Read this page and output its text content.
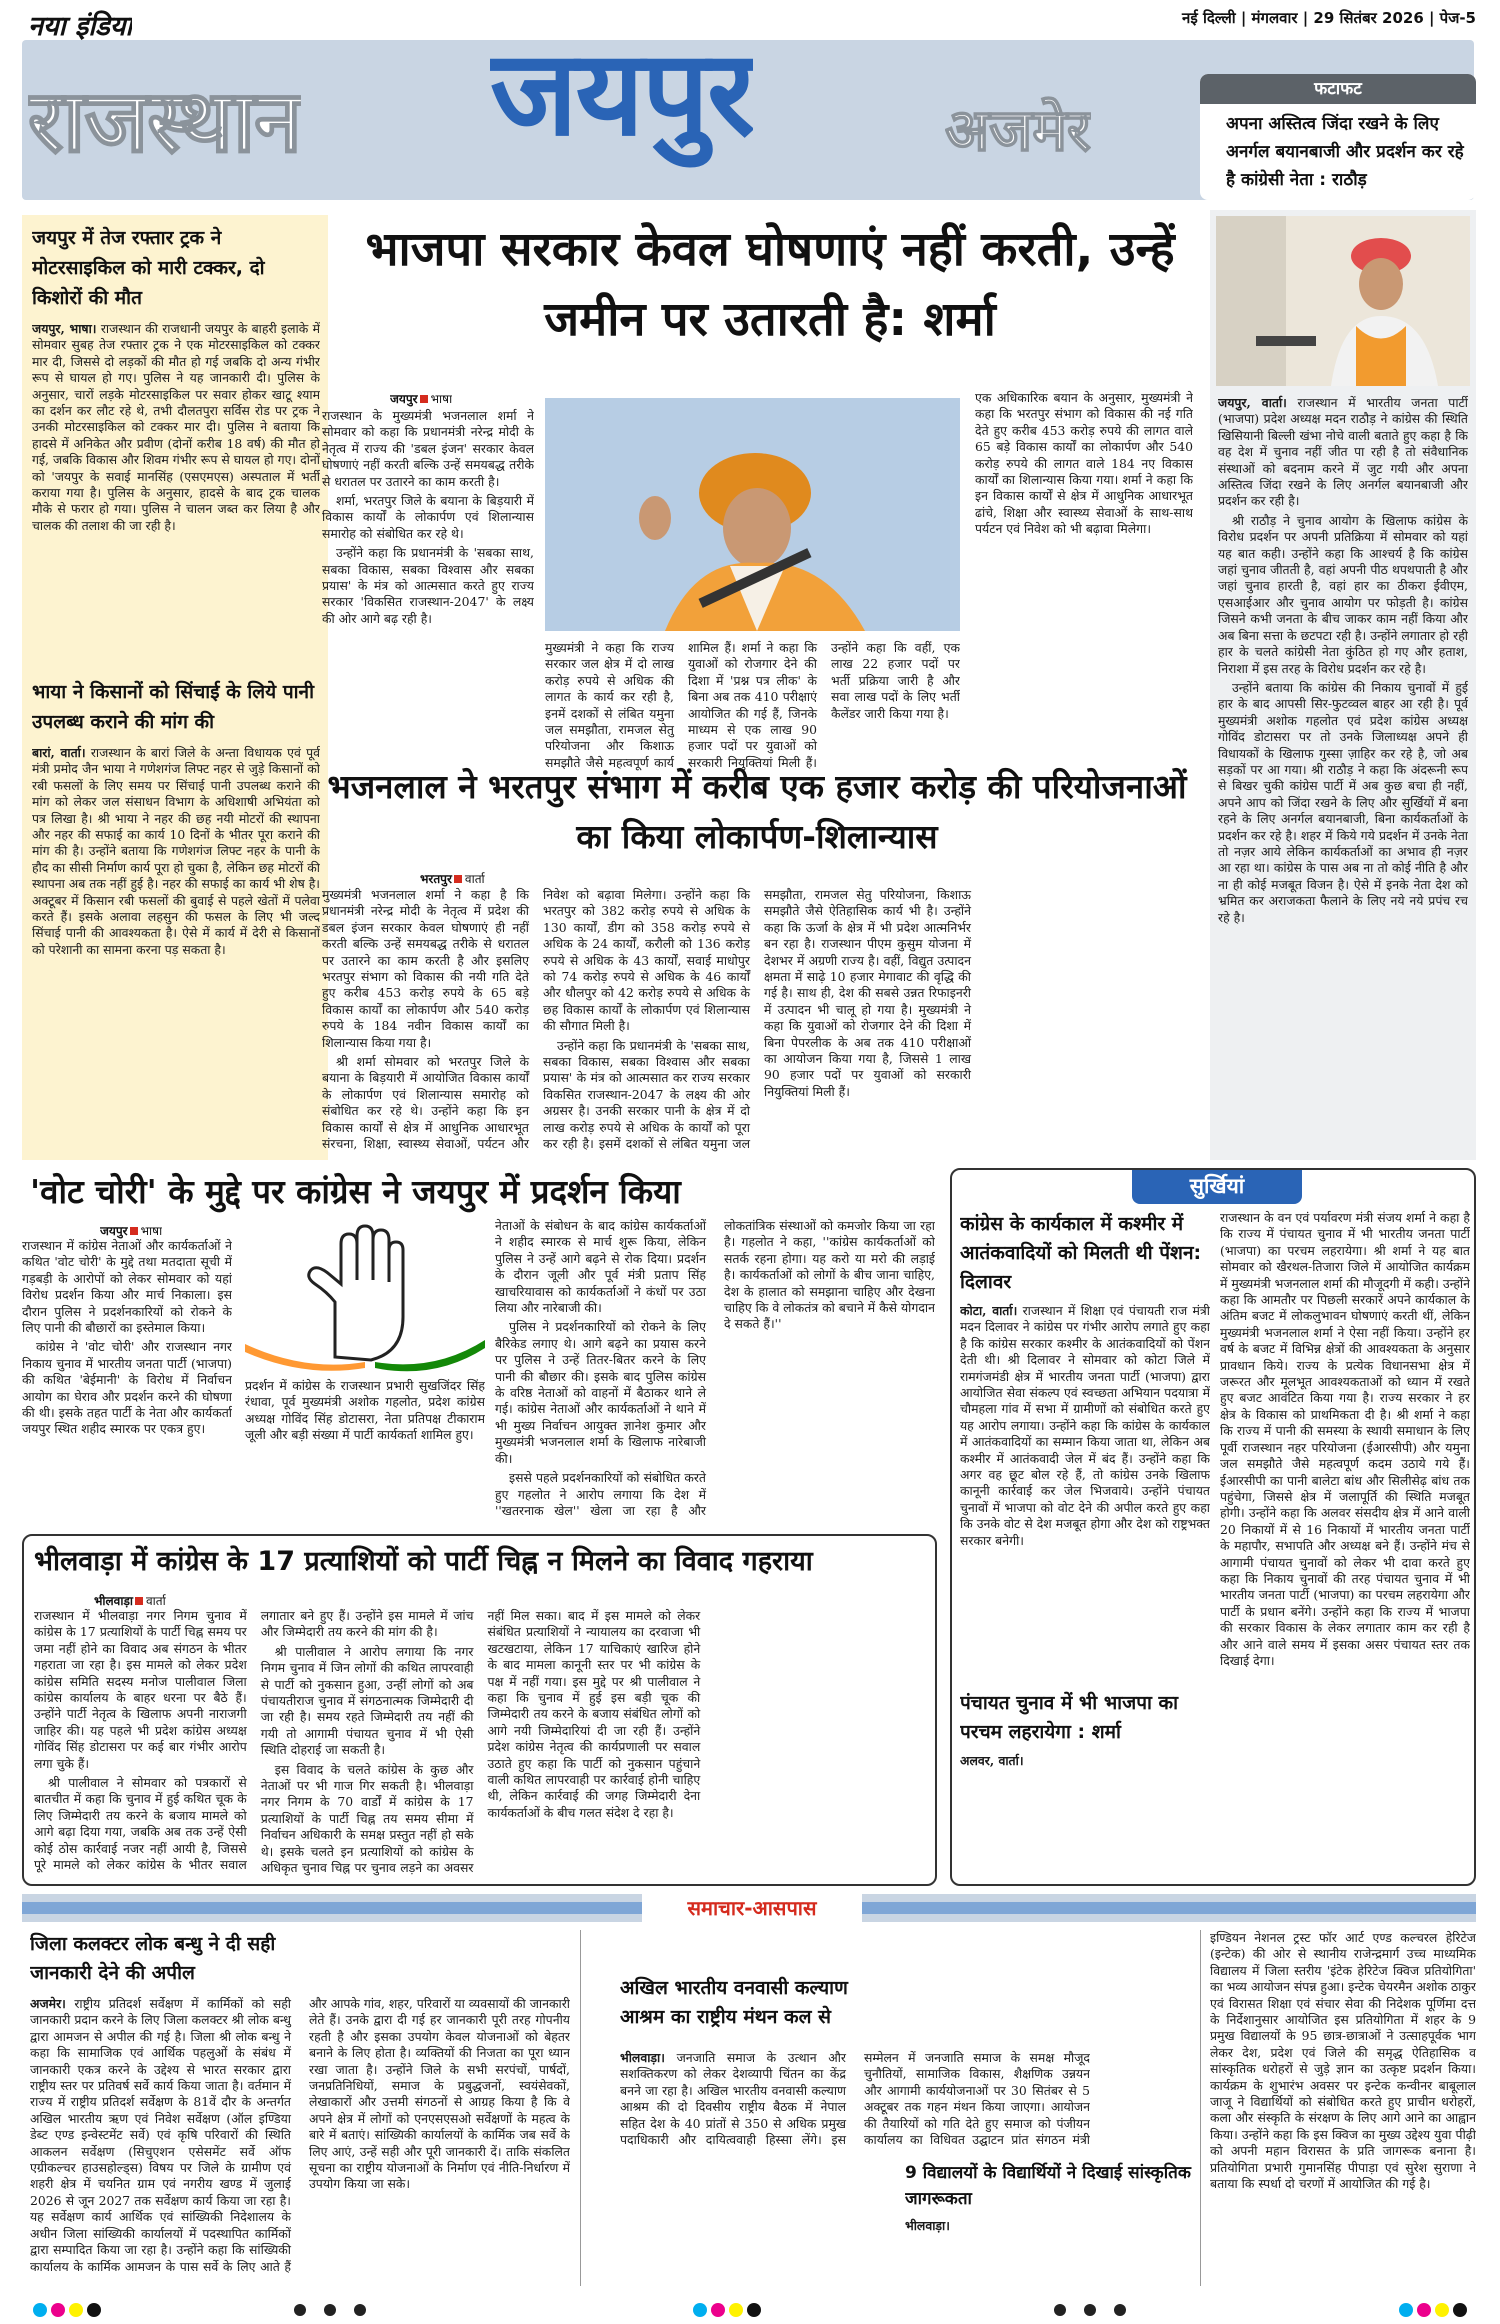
नया इंडिया
राजस्थान जयपुर	अजमेर
नई दिल्ली | मंगलवार | 29 सितंबर 2026 | पेज-5
फटाफट
अपना अस्तित्व जिंदा रखने के लिए अनर्गल बयानबाजी और प्रदर्शन कर रहे है कांग्रेसी नेता : राठौड़
जयपुर में तेज रफ्तार ट्रक ने मोटरसाइकिल को मारी टक्कर, दो किशोरों की मौत
जयपुर, भाषा। राजस्थान की राजधानी जयपुर के बाहरी इलाके में सोमवार सुबह तेज रफ्तार ट्रक ने एक मोटरसाइकिल को टक्कर मार दी, जिससे दो लड़कों की मौत हो गई जबकि दो अन्य गंभीर रूप से घायल हो गए। पुलिस ने यह जानकारी दी। पुलिस के अनुसार, चारों लड़के मोटरसाइकिल पर सवार होकर खाटू श्याम का दर्शन कर लौट रहे थे, तभी दौलतपुरा सर्विस रोड पर ट्रक ने उनकी मोटरसाइकिल को टक्कर मार दी। पुलिस ने बताया कि हादसे में अनिकेत और प्रवीण (दोनों करीब 18 वर्ष) की मौत हो गई, जबकि विकास और शिवम गंभीर रूप से घायल हो गए। दोनों को 'जयपुर के सवाई मानसिंह (एसएमएस) अस्पताल में भर्ती कराया गया है। पुलिस के अनुसार, हादसे के बाद ट्रक चालक मौके से फरार हो गया। पुलिस ने चालन जब्त कर लिया है और चालक की तलाश की जा रही है।
भाया ने किसानों को सिंचाई के लिये पानी उपलब्ध कराने की मांग की
बारां, वार्ता। राजस्थान के बारां जिले के अन्ता विधायक एवं पूर्व मंत्री प्रमोद जैन भाया ने गणेशगंज लिफ्ट नहर से जुड़े किसानों को रबी फसलों के लिए समय पर सिंचाई पानी उपलब्ध कराने की मांग को लेकर जल संसाधन विभाग के अधिशाषी अभियंता को पत्र लिखा है। श्री भाया ने नहर की छह नयी मोटरों की स्थापना और नहर की सफाई का कार्य 10 दिनों के भीतर पूरा कराने की मांग की है। उन्होंने बताया कि गणेशगंज लिफ्ट नहर के पानी के हौद का सीसी निर्माण कार्य पूरा हो चुका है, लेकिन छह मोटरों की स्थापना अब तक नहीं हुई है। नहर की सफाई का कार्य भी शेष है। अक्टूबर में किसान रबी फसलों की बुवाई से पहले खेतों में पलेवा करते हैं। इसके अलावा लहसुन की फसल के लिए भी जल्द सिंचाई पानी की आवश्यकता है। ऐसे में कार्य में देरी से किसानों को परेशानी का सामना करना पड़ सकता है।
भाजपा सरकार केवल घोषणाएं नहीं करती, उन्हें जमीन पर उतारती है: शर्मा
जयपुर भाषा

राजस्थान के मुख्यमंत्री भजनलाल शर्मा ने सोमवार को कहा कि प्रधानमंत्री नरेन्द्र मोदी के नेतृत्व में राज्य की 'डबल इंजन' सरकार केवल घोषणाएं नहीं करती बल्कि उन्हें समयबद्ध तरीके से धरातल पर उतारने का काम करती है।

शर्मा, भरतपुर जिले के बयाना के बिड़यारी में विकास कार्यों के लोकार्पण एवं शिलान्यास समारोह को संबोधित कर रहे थे।

उन्होंने कहा कि प्रधानमंत्री के 'सबका साथ, सबका विकास, सबका विश्वास और सबका प्रयास' के मंत्र को आत्मसात करते हुए राज्य सरकार 'विकसित राजस्थान-2047' के लक्ष्य की ओर आगे बढ़ रही है।

मुख्यमंत्री ने कहा कि राज्य सरकार जल क्षेत्र में दो लाख करोड़ रुपये से अधिक की लागत के कार्य कर रही है, इनमें दशकों से लंबित यमुना जल समझौता, रामजल सेतु परियोजना और किशाऊ समझौते जैसे महत्वपूर्ण कार्य शामिल हैं। शर्मा ने कहा कि युवाओं को रोजगार देने की दिशा में 'प्रश्न पत्र लीक' के बिना अब तक 410 परीक्षाएं आयोजित की गई हैं, जिनके माध्यम से एक लाख 90 हजार पदों पर युवाओं को सरकारी नियुक्तियां मिली हैं। उन्होंने कहा कि वहीं, एक लाख 22 हजार पदों पर भर्ती प्रक्रिया जारी है और सवा लाख पदों के लिए भर्ती कैलेंडर जारी किया गया है।

एक अधिकारिक बयान के अनुसार, मुख्यमंत्री ने कहा कि भरतपुर संभाग को विकास की नई गति देते हुए करीब 453 करोड़ रुपये की लागत वाले 65 बड़े विकास कार्यों का लोकार्पण और 540 करोड़ रुपये की लागत वाले 184 नए विकास कार्यों का शिलान्यास किया गया। शर्मा ने कहा कि इन विकास कार्यों से क्षेत्र में आधुनिक आधारभूत ढांचे, शिक्षा और स्वास्थ्य सेवाओं के साथ-साथ पर्यटन एवं निवेश को भी बढ़ावा मिलेगा।

भजनलाल ने भरतपुर संभाग में करीब एक हजार करोड़ की परियोजनाओं का किया लोकार्पण-शिलान्यास
भरतपुर वार्ता

मुख्यमंत्री भजनलाल शर्मा ने कहा है कि प्रधानमंत्री नरेन्द्र मोदी के नेतृत्व में प्रदेश की डबल इंजन सरकार केवल घोषणाएं ही नहीं करती बल्कि उन्हें समयबद्ध तरीके से धरातल पर उतारने का काम करती है और इसलिए भरतपुर संभाग को विकास की नयी गति देते हुए करीब 453 करोड़ रुपये के 65 बड़े विकास कार्यों का लोकार्पण और 540 करोड़ रुपये के 184 नवीन विकास कार्यों का शिलान्यास किया गया है।

श्री शर्मा सोमवार को भरतपुर जिले के बयाना के बिड़यारी में आयोजित विकास कार्यों के लोकार्पण एवं शिलान्यास समारोह को संबोधित कर रहे थे। उन्होंने कहा कि इन विकास कार्यों से क्षेत्र में आधुनिक आधारभूत संरचना, शिक्षा, स्वास्थ्य सेवाओं, पर्यटन और निवेश को बढ़ावा मिलेगा। उन्होंने कहा कि भरतपुर को 382 करोड़ रुपये से अधिक के 130 कार्यों, डीग को 358 करोड़ रुपये से अधिक के 24 कार्यों, करौली को 136 करोड़ रुपये से अधिक के 43 कार्यों, सवाई माधोपुर को 74 करोड़ रुपये से अधिक के 46 कार्यों और धौलपुर को 42 करोड़ रुपये से अधिक के छह विकास कार्यों के लोकार्पण एवं शिलान्यास की सौगात मिली है।

उन्होंने कहा कि प्रधानमंत्री के 'सबका साथ, सबका विकास, सबका विश्वास और सबका प्रयास' के मंत्र को आत्मसात कर राज्य सरकार विकसित राजस्थान-2047 के लक्ष्य की ओर अग्रसर है। उनकी सरकार पानी के क्षेत्र में दो लाख करोड़ रुपये से अधिक के कार्यों को पूरा कर रही है। इसमें दशकों से लंबित यमुना जल समझौता, रामजल सेतु परियोजना, किशाऊ समझौते जैसे ऐतिहासिक कार्य भी है। उन्होंने कहा कि ऊर्जा के क्षेत्र में भी प्रदेश आत्मनिर्भर बन रहा है। राजस्थान पीएम कुसुम योजना में देशभर में अग्रणी राज्य है। वहीं, विद्युत उत्पादन क्षमता में साढ़े 10 हजार मेगावाट की वृद्धि की गई है। साथ ही, देश की सबसे उन्नत रिफाइनरी में उत्पादन भी चालू हो गया है। मुख्यमंत्री ने कहा कि युवाओं को रोजगार देने की दिशा में बिना पेपरलीक के अब तक 410 परीक्षाओं का आयोजन किया गया है, जिससे 1 लाख 90 हजार पदों पर युवाओं को सरकारी नियुक्तियां मिली हैं।

जयपुर, वार्ता। राजस्थान में भारतीय जनता पार्टी (भाजपा) प्रदेश अध्यक्ष मदन राठौड़ ने कांग्रेस की स्थिति खिसियानी बिल्ली खंभा नोचे वाली बताते हुए कहा है कि वह देश में चुनाव नहीं जीत पा रही है तो संवैधानिक संस्थाओं को बदनाम करने में जुट गयी और अपना अस्तित्व जिंदा रखने के लिए अनर्गल बयानबाजी और प्रदर्शन कर रही है।

श्री राठौड़ ने चुनाव आयोग के खिलाफ कांग्रेस के विरोध प्रदर्शन पर अपनी प्रतिक्रिया में सोमवार को यहां यह बात कही। उन्होंने कहा कि आश्चर्य है कि कांग्रेस जहां चुनाव जीतती है, वहां अपनी पीठ थपथपाती है और जहां चुनाव हारती है, वहां हार का ठीकरा ईवीएम, एसआईआर और चुनाव आयोग पर फोड़ती है। कांग्रेस जिसने कभी जनता के बीच जाकर काम नहीं किया और अब बिना सत्ता के छटपटा रही है। उन्होंने लगातार हो रही हार के चलते कांग्रेसी नेता कुंठित हो गए और हताश, निराशा में इस तरह के विरोध प्रदर्शन कर रहे है।

उन्होंने बताया कि कांग्रेस की निकाय चुनावों में हुई हार के बाद आपसी सिर-फुटव्वल बाहर आ रही है। पूर्व मुख्यमंत्री अशोक गहलोत एवं प्रदेश कांग्रेस अध्यक्ष गोविंद डोटासरा पर तो उनके जिलाध्यक्ष अपने ही विधायकों के खिलाफ गुस्सा ज़ाहिर कर रहे है, जो अब सड़कों पर आ गया। श्री राठौड़ ने कहा कि अंदरूनी रूप से बिखर चुकी कांग्रेस पार्टी में अब कुछ बचा ही नहीं, अपने आप को जिंदा रखने के लिए और सुर्खियों में बना रहने के लिए अनर्गल बयानबाजी, बिना कार्यकर्ताओं के प्रदर्शन कर रहे है। शहर में किये गये प्रदर्शन में उनके नेता तो नज़र आये लेकिन कार्यकर्ताओं का अभाव ही नज़र आ रहा था। कांग्रेस के पास अब ना तो कोई नीति है और ना ही कोई मजबूत विजन है। ऐसे में इनके नेता देश को भ्रमित कर अराजकता फैलाने के लिए नये नये प्रपंच रच रहे है।

'वोट चोरी' के मुद्दे पर कांग्रेस ने जयपुर में प्रदर्शन किया
जयपुर भाषा

राजस्थान में कांग्रेस नेताओं और कार्यकर्ताओं ने कथित 'वोट चोरी' के मुद्दे तथा मतदाता सूची में गड़बड़ी के आरोपों को लेकर सोमवार को यहां विरोध प्रदर्शन किया और मार्च निकाला। इस दौरान पुलिस ने प्रदर्शनकारियों को रोकने के लिए पानी की बौछारों का इस्तेमाल किया।

कांग्रेस ने 'वोट चोरी' और राजस्थान नगर निकाय चुनाव में भारतीय जनता पार्टी (भाजपा) की कथित 'बेईमानी' के विरोध में निर्वाचन आयोग का घेराव और प्रदर्शन करने की घोषणा की थी। इसके तहत पार्टी के नेता और कार्यकर्ता जयपुर स्थित शहीद स्मारक पर एकत्र हुए।

प्रदर्शन में कांग्रेस के राजस्थान प्रभारी सुखजिंदर सिंह रंधावा, पूर्व मुख्यमंत्री अशोक गहलोत, प्रदेश कांग्रेस अध्यक्ष गोविंद सिंह डोटासरा, नेता प्रतिपक्ष टीकाराम जूली और बड़ी संख्या में पार्टी कार्यकर्ता शामिल हुए।

नेताओं के संबोधन के बाद कांग्रेस कार्यकर्ताओं ने शहीद स्मारक से मार्च शुरू किया, लेकिन पुलिस ने उन्हें आगे बढ़ने से रोक दिया। प्रदर्शन के दौरान जूली और पूर्व मंत्री प्रताप सिंह खाचरियावास को कार्यकर्ताओं ने कंधों पर उठा लिया और नारेबाजी की।

पुलिस ने प्रदर्शनकारियों को रोकने के लिए बैरिकेड लगाए थे। आगे बढ़ने का प्रयास करने पर पुलिस ने उन्हें तितर-बितर करने के लिए पानी की बौछार की। इसके बाद पुलिस कांग्रेस के वरिष्ठ नेताओं को वाहनों में बैठाकर थाने ले गई। कांग्रेस नेताओं और कार्यकर्ताओं ने थाने में भी मुख्य निर्वाचन आयुक्त ज्ञानेश कुमार और मुख्यमंत्री भजनलाल शर्मा के खिलाफ नारेबाजी की।

इससे पहले प्रदर्शनकारियों को संबोधित करते हुए गहलोत ने आरोप लगाया कि देश में ''खतरनाक खेल'' खेला जा रहा है और लोकतांत्रिक संस्थाओं को कमजोर किया जा रहा है। गहलोत ने कहा, ''कांग्रेस कार्यकर्ताओं को सतर्क रहना होगा। यह करो या मरो की लड़ाई है। कार्यकर्ताओं को लोगों के बीच जाना चाहिए, देश के हालात को समझाना चाहिए और देखना चाहिए कि वे लोकतंत्र को बचाने में कैसे योगदान दे सकते हैं।''

भीलवाड़ा में कांग्रेस के 17 प्रत्याशियों को पार्टी चिह्न न मिलने का विवाद गहराया
भीलवाड़ा वार्ता

राजस्थान में भीलवाड़ा नगर निगम चुनाव में कांग्रेस के 17 प्रत्याशियों के पार्टी चिह्न समय पर जमा नहीं होने का विवाद अब संगठन के भीतर गहराता जा रहा है। इस मामले को लेकर प्रदेश कांग्रेस समिति सदस्य मनोज पालीवाल जिला कांग्रेस कार्यालय के बाहर धरना पर बैठे हैं। उन्होंने पार्टी नेतृत्व के खिलाफ अपनी नाराजगी जाहिर की। यह पहले भी प्रदेश कांग्रेस अध्यक्ष गोविंद सिंह डोटासरा पर कई बार गंभीर आरोप लगा चुके हैं।

श्री पालीवाल ने सोमवार को पत्रकारों से बातचीत में कहा कि चुनाव में हुई कथित चूक के लिए जिम्मेदारी तय करने के बजाय मामले को आगे बढ़ा दिया गया, जबकि अब तक उन्हें ऐसी कोई ठोस कार्रवाई नजर नहीं आयी है, जिससे पूरे मामले को लेकर कांग्रेस के भीतर सवाल लगातार बने हुए हैं। उन्होंने इस मामले में जांच और जिम्मेदारी तय करने की मांग की है।

श्री पालीवाल ने आरोप लगाया कि नगर निगम चुनाव में जिन लोगों की कथित लापरवाही से पार्टी को नुकसान हुआ, उन्हीं लोगों को अब पंचायतीराज चुनाव में संगठनात्मक जिम्मेदारी दी जा रही है। समय रहते जिम्मेदारी तय नहीं की गयी तो आगामी पंचायत चुनाव में भी ऐसी स्थिति दोहराई जा सकती है।

इस विवाद के चलते कांग्रेस के कुछ और नेताओं पर भी गाज गिर सकती है। भीलवाड़ा नगर निगम के 70 वार्डों में कांग्रेस के 17 प्रत्याशियों के पार्टी चिह्न तय समय सीमा में निर्वाचन अधिकारी के समक्ष प्रस्तुत नहीं हो सके थे। इसके चलते इन प्रत्याशियों को कांग्रेस के अधिकृत चुनाव चिह्न पर चुनाव लड़ने का अवसर नहीं मिल सका। बाद में इस मामले को लेकर संबंधित प्रत्याशियों ने न्यायालय का दरवाजा भी खटखटाया, लेकिन 17 याचिकाएं खारिज होने के बाद मामला कानूनी स्तर पर भी कांग्रेस के पक्ष में नहीं गया। इस मुद्दे पर श्री पालीवाल ने कहा कि चुनाव में हुई इस बड़ी चूक की जिम्मेदारी तय करने के बजाय संबंधित लोगों को आगे नयी जिम्मेदारियां दी जा रही हैं। उन्होंने प्रदेश कांग्रेस नेतृत्व की कार्यप्रणाली पर सवाल उठाते हुए कहा कि पार्टी को नुकसान पहुंचाने वाली कथित लापरवाही पर कार्रवाई होनी चाहिए थी, लेकिन कार्रवाई की जगह जिम्मेदारी देना कार्यकर्ताओं के बीच गलत संदेश दे रहा है।

सुर्खियां
कांग्रेस के कार्यकाल में कश्मीर में आतंकवादियों को मिलती थी पेंशन: दिलावर
कोटा, वार्ता। राजस्थान में शिक्षा एवं पंचायती राज मंत्री मदन दिलावर ने कांग्रेस पर गंभीर आरोप लगाते हुए कहा है कि कांग्रेस सरकार कश्मीर के आतंकवादियों को पेंशन देती थी। श्री दिलावर ने सोमवार को कोटा जिले में रामगंजमंडी क्षेत्र में भारतीय जनता पार्टी (भाजपा) द्वारा आयोजित सेवा संकल्प एवं स्वच्छता अभियान पदयात्रा में चौमहला गांव में सभा में ग्रामीणों को संबोधित करते हुए यह आरोप लगाया। उन्होंने कहा कि कांग्रेस के कार्यकाल में आतंकवादियों का सम्मान किया जाता था, लेकिन अब कश्मीर में आतंकवादी जेल में बंद हैं। उन्होंने कहा कि अगर वह छूट बोल रहे हैं, तो कांग्रेस उनके खिलाफ कानूनी कार्रवाई कर जेल भिजवाये। उन्होंने पंचायत चुनावों में भाजपा को वोट देने की अपील करते हुए कहा कि उनके वोट से देश मजबूत होगा और देश को राष्ट्रभक्त सरकार बनेगी।
पंचायत चुनाव में भी भाजपा का परचम लहरायेगा : शर्मा
अलवर, वार्ता।

राजस्थान के वन एवं पर्यावरण मंत्री संजय शर्मा ने कहा है कि राज्य में पंचायत चुनाव में भी भारतीय जनता पार्टी (भाजपा) का परचम लहरायेगा। श्री शर्मा ने यह बात सोमवार को खैरथल-तिजारा जिले में आयोजित कार्यक्रम में मुख्यमंत्री भजनलाल शर्मा की मौजूदगी में कही। उन्होंने कहा कि आमतौर पर पिछली सरकारें अपने कार्यकाल के अंतिम बजट में लोकलुभावन घोषणाएं करती थीं, लेकिन मुख्यमंत्री भजनलाल शर्मा ने ऐसा नहीं किया। उन्होंने हर वर्ष के बजट में विभिन्न क्षेत्रों की आवश्यकता के अनुसार प्रावधान किये। राज्य के प्रत्येक विधानसभा क्षेत्र में जरूरत और मूलभूत आवश्यकताओं को ध्यान में रखते हुए बजट आवंटित किया गया है। राज्य सरकार ने हर क्षेत्र के विकास को प्राथमिकता दी है। श्री शर्मा ने कहा कि राज्य में पानी की समस्या के स्थायी समाधान के लिए पूर्वी राजस्थान नहर परियोजना (ईआरसीपी) और यमुना जल समझौते जैसे महत्वपूर्ण कदम उठाये गये हैं। ईआरसीपी का पानी बालेटा बांध और सिलीसेढ़ बांध तक पहुंचेगा, जिससे क्षेत्र में जलापूर्ति की स्थिति मजबूत होगी। उन्होंने कहा कि अलवर संसदीय क्षेत्र में आने वाली 20 निकायों में से 16 निकायों में भारतीय जनता पार्टी के महापौर, सभापति और अध्यक्ष बने हैं। उन्होंने मंच से आगामी पंचायत चुनावों को लेकर भी दावा करते हुए कहा कि निकाय चुनावों की तरह पंचायत चुनाव में भी भारतीय जनता पार्टी (भाजपा) का परचम लहरायेगा और पार्टी के प्रधान बनेंगे। उन्होंने कहा कि राज्य में भाजपा की सरकार विकास के लेकर लगातार काम कर रही है और आने वाले समय में इसका असर पंचायत स्तर तक दिखाई देगा।

समाचार-आसपास
जिला कलक्टर लोक बन्धु ने दी सही जानकारी देने की अपील
अजमेर। राष्ट्रीय प्रतिदर्श सर्वेक्षण में कार्मिकों को सही जानकारी प्रदान करने के लिए जिला कलक्टर श्री लोक बन्धु द्वारा आमजन से अपील की गई है। जिला श्री लोक बन्धु ने कहा कि सामाजिक एवं आर्थिक पहलुओं के संबंध में जानकारी एकत्र करने के उद्देश्य से भारत सरकार द्वारा राष्ट्रीय स्तर पर प्रतिवर्ष सर्वे कार्य किया जाता है। वर्तमान में राज्य में राष्ट्रीय प्रतिदर्श सर्वेक्षण के 81वें दौर के अन्तर्गत अखिल भारतीय ऋण एवं निवेश सर्वेक्षण (ऑल इण्डिया डेब्ट एण्ड इन्वेस्टमेंट सर्वे) एवं कृषि परिवारों की स्थिति आकलन सर्वेक्षण (सिचुएशन एसेसमेंट सर्वे ऑफ एग्रीकल्चर हाउसहोल्ड्स) विषय पर जिले के ग्रामीण एवं शहरी क्षेत्र में चयनित ग्राम एवं नगरीय खण्ड में जुलाई 2026 से जून 2027 तक सर्वेक्षण कार्य किया जा रहा है। यह सर्वेक्षण कार्य आर्थिक एवं सांख्यिकी निदेशालय के अधीन जिला सांख्यिकी कार्यालयों में पदस्थापित कार्मिकों द्वारा सम्पादित किया जा रहा है। उन्होंने कहा कि सांख्यिकी कार्यालय के कार्मिक आमजन के पास सर्वे के लिए आते हैं और आपके गांव, शहर, परिवारों या व्यवसायों की जानकारी लेते हैं। उनके द्वारा दी गई हर जानकारी पूरी तरह गोपनीय रहती है और इसका उपयोग केवल योजनाओं को बेहतर बनाने के लिए होता है। व्यक्तियों की निजता का पूरा ध्यान रखा जाता है। उन्होंने जिले के सभी सरपंचों, पार्षदों, जनप्रतिनिधियों, समाज के प्रबुद्धजनों, स्वयंसेवकों, लेखाकारों और उत्तमी संगठनों से आग्रह किया है कि वे अपने क्षेत्र में लोगों को एनएसएसओ सर्वेक्षणों के महत्व के बारे में बताएं। सांख्यिकी कार्यालयों के कार्मिक जब सर्वे के लिए आएं, उन्हें सही और पूरी जानकारी दें। ताकि संकलित सूचना का राष्ट्रीय योजनाओं के निर्माण एवं नीति-निर्धारण में उपयोग किया जा सके।
अखिल भारतीय वनवासी कल्याण आश्रम का राष्ट्रीय मंथन कल से
भीलवाड़ा। जनजाति समाज के उत्थान और सशक्तिकरण को लेकर देशव्यापी चिंतन का केंद्र बनने जा रहा है। अखिल भारतीय वनवासी कल्याण आश्रम की दो दिवसीय राष्ट्रीय बैठक में नेपाल सहित देश के 40 प्रांतों से 350 से अधिक प्रमुख पदाधिकारी और दायित्ववाही हिस्सा लेंगे। इस सम्मेलन में जनजाति समाज के समक्ष मौजूद चुनौतियों, सामाजिक विकास, शैक्षणिक उन्नयन और आगामी कार्ययोजनाओं पर 30 सितंबर से 5 अक्टूबर तक गहन मंथन किया जाएगा। आयोजन की तैयारियों को गति देते हुए समाज को पंजीयन कार्यालय का विधिवत उद्घाटन प्रांत संगठन मंत्री
9 विद्यालयों के विद्यार्थियों ने दिखाई सांस्कृतिक जागरूकता
भीलवाड़ा।

इण्डियन नेशनल ट्रस्ट फॉर आर्ट एण्ड कल्चरल हेरिटेज (इन्टेक) की ओर से स्थानीय राजेन्द्रमार्ग उच्च माध्यमिक विद्यालय में जिला स्तरीय 'इंटेक हेरिटेज क्विज प्रतियोगिता' का भव्य आयोजन संपन्न हुआ। इन्टेक चेयरमैन अशोक ठाकुर एवं विरासत शिक्षा एवं संचार सेवा की निदेशक पूर्णिमा दत्त के निर्देशानुसार आयोजित इस प्रतियोगिता में शहर के 9 प्रमुख विद्यालयों के 95 छात्र-छात्राओं ने उत्साहपूर्वक भाग लेकर देश, प्रदेश एवं जिले की समृद्ध ऐतिहासिक व सांस्कृतिक धरोहरों से जुड़े ज्ञान का उत्कृष्ट प्रदर्शन किया। कार्यक्रम के शुभारंभ अवसर पर इन्टेक कन्वीनर बाबूलाल जाजू ने विद्यार्थियों को संबोधित करते हुए प्राचीन धरोहरों, कला और संस्कृति के संरक्षण के लिए आगे आने का आह्वान किया। उन्होंने कहा कि इस क्विज का मुख्य उद्देश्य युवा पीढ़ी को अपनी महान विरासत के प्रति जागरूक बनाना है। प्रतियोगिता प्रभारी गुमानसिंह पीपाड़ा एवं सुरेश सुराणा ने बताया कि स्पर्धा दो चरणों में आयोजित की गई है।
